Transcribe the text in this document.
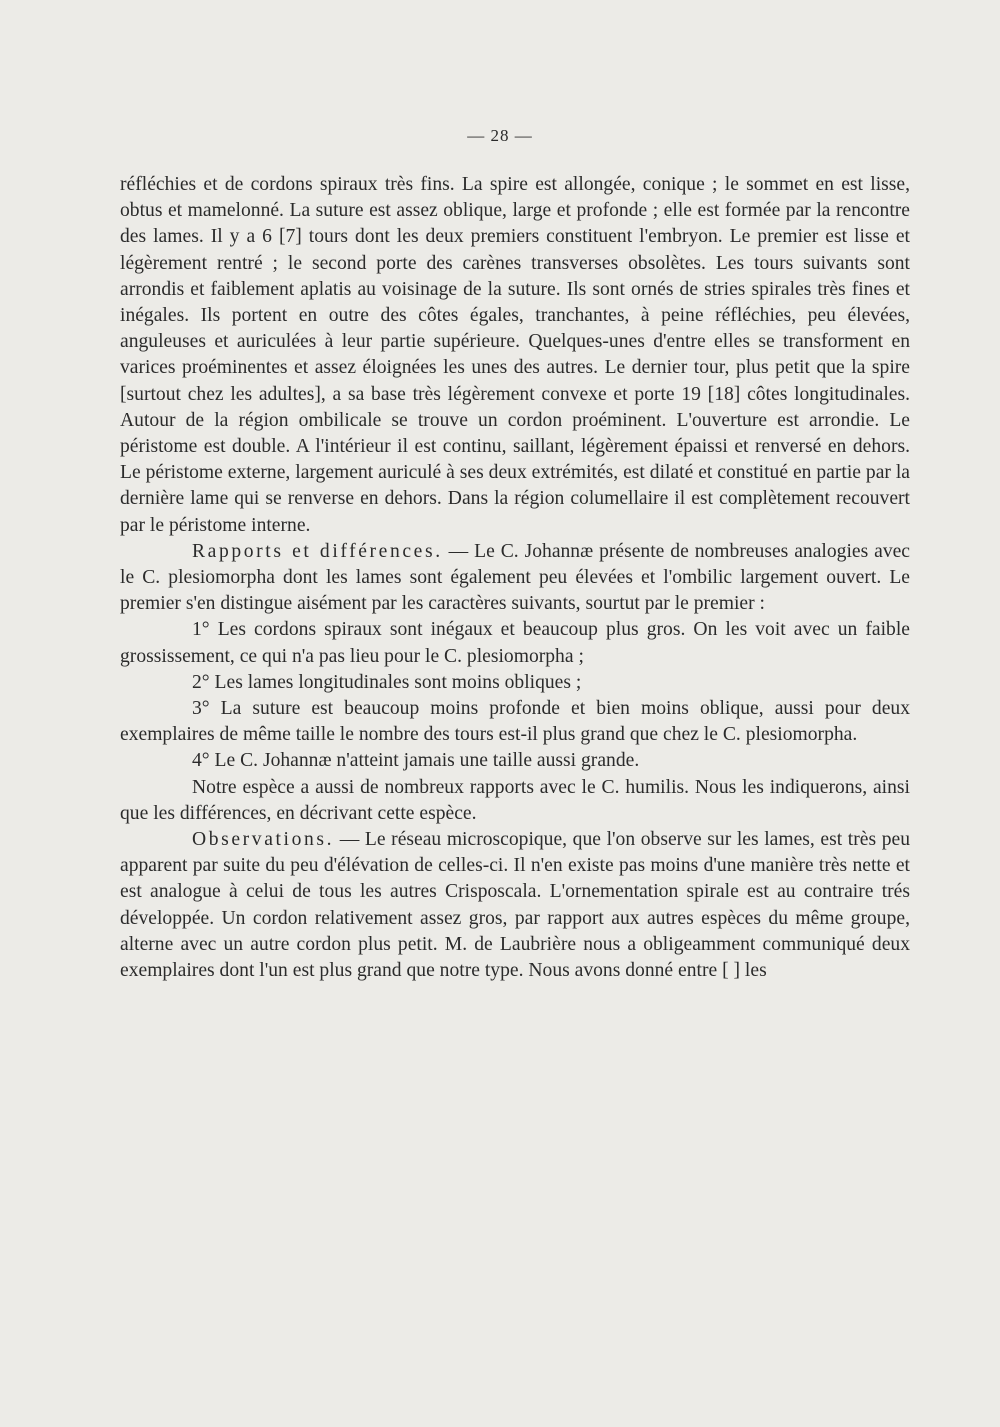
— 28 —

réfléchies et de cordons spiraux très fins. La spire est allongée, conique ; le sommet en est lisse, obtus et mamelonné. La suture est assez oblique, large et profonde ; elle est formée par la rencontre des lames. Il y a 6 [7] tours dont les deux premiers constituent l'embryon. Le premier est lisse et légèrement rentré ; le second porte des carènes transverses obsolètes. Les tours suivants sont arrondis et faiblement aplatis au voisinage de la suture. Ils sont ornés de stries spirales très fines et inégales. Ils portent en outre des côtes égales, tranchantes, à peine réfléchies, peu élevées, anguleuses et auriculées à leur partie supérieure. Quelques-unes d'entre elles se transforment en varices proéminentes et assez éloignées les unes des autres. Le dernier tour, plus petit que la spire [surtout chez les adultes], a sa base très légèrement convexe et porte 19 [18] côtes longitudinales. Autour de la région ombilicale se trouve un cordon proéminent. L'ouverture est arrondie. Le péristome est double. A l'intérieur il est continu, saillant, légèrement épaissi et renversé en dehors. Le péristome externe, largement auriculé à ses deux extrémités, est dilaté et constitué en partie par la dernière lame qui se renverse en dehors. Dans la région columellaire il est complètement recouvert par le péristome interne.

Rapports et différences. — Le C. Johannæ présente de nombreuses analogies avec le C. plesiomorpha dont les lames sont également peu élevées et l'ombilic largement ouvert. Le premier s'en distingue aisément par les caractères suivants, sourtut par le premier :

1° Les cordons spiraux sont inégaux et beaucoup plus gros. On les voit avec un faible grossissement, ce qui n'a pas lieu pour le C. plesiomorpha ;

2° Les lames longitudinales sont moins obliques ;

3° La suture est beaucoup moins profonde et bien moins oblique, aussi pour deux exemplaires de même taille le nombre des tours est-il plus grand que chez le C. plesiomorpha.

4° Le C. Johannæ n'atteint jamais une taille aussi grande.

Notre espèce a aussi de nombreux rapports avec le C. humilis. Nous les indiquerons, ainsi que les différences, en décrivant cette espèce.

Observations. — Le réseau microscopique, que l'on observe sur les lames, est très peu apparent par suite du peu d'élévation de celles-ci. Il n'en existe pas moins d'une manière très nette et est analogue à celui de tous les autres Crisposcala. L'ornementation spirale est au contraire trés développée. Un cordon relativement assez gros, par rapport aux autres espèces du même groupe, alterne avec un autre cordon plus petit. M. de Laubrière nous a obligeamment communiqué deux exemplaires dont l'un est plus grand que notre type. Nous avons donné entre [ ] les
